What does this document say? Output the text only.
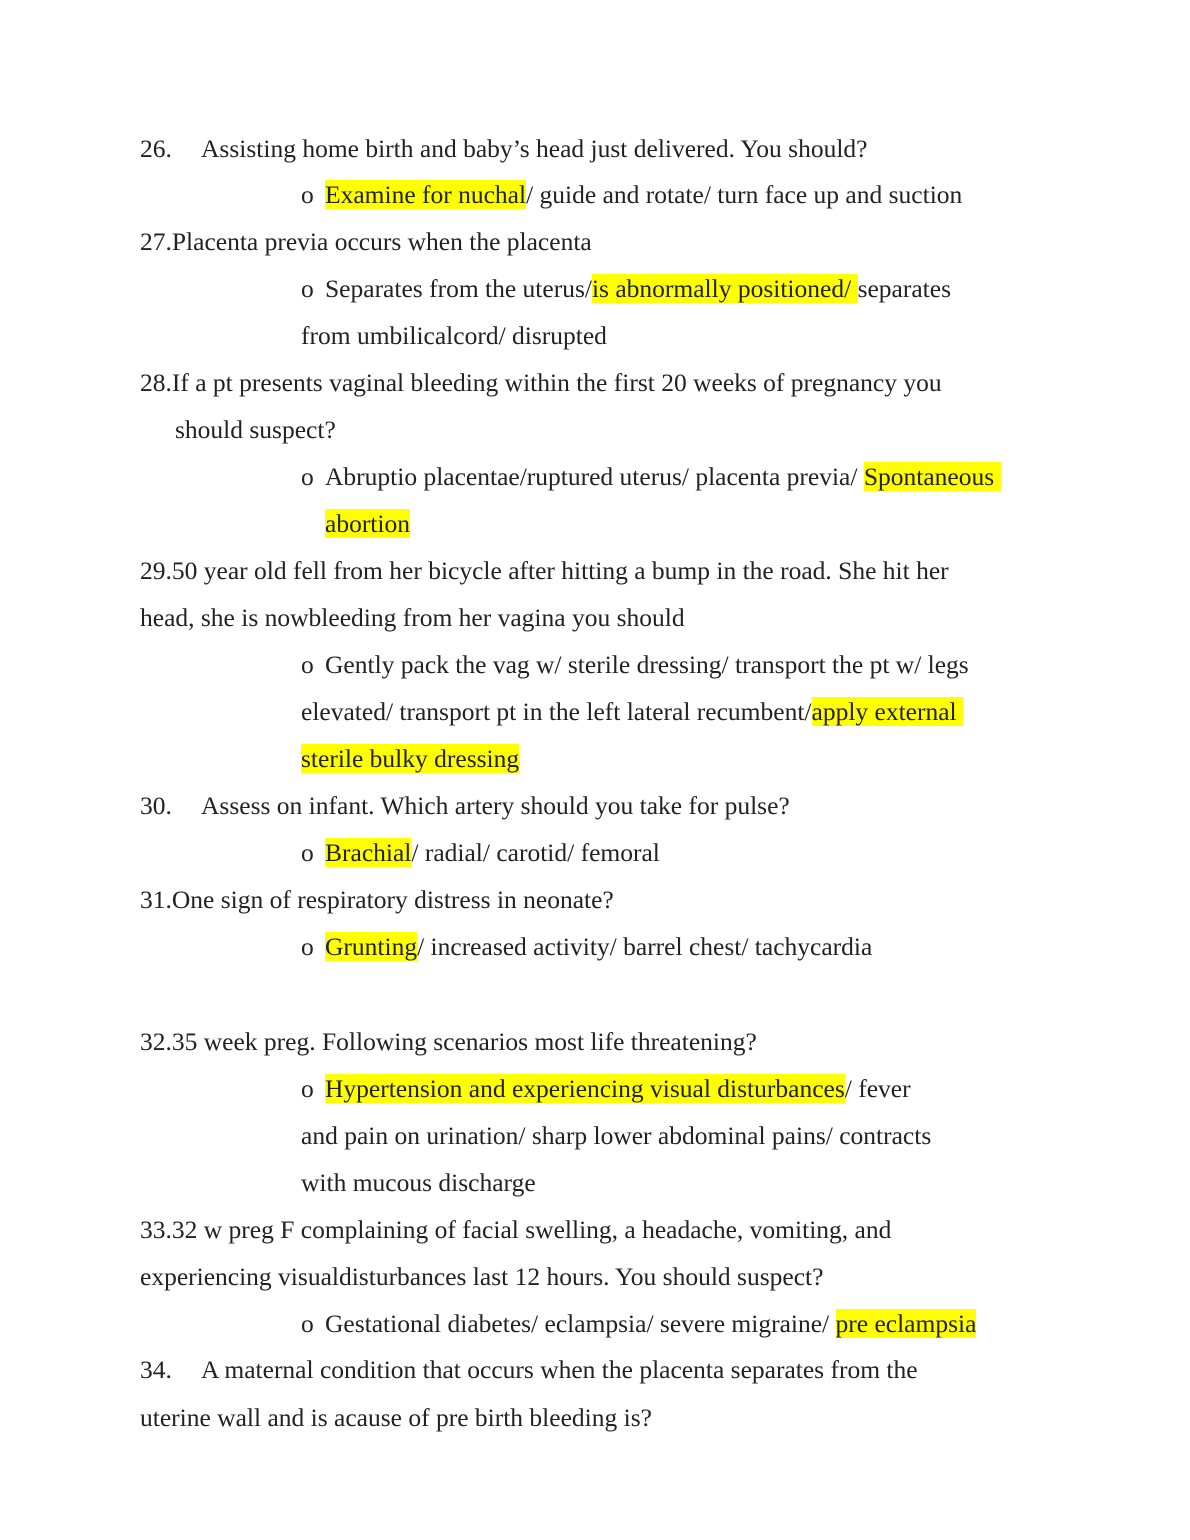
26. Assisting home birth and baby’s head just delivered. You should?
o Examine for nuchal/ guide and rotate/ turn face up and suction
27.Placenta previa occurs when the placenta
o Separates from the uterus/is abnormally positioned/ separates
from umbilicalcord/ disrupted
28.If a pt presents vaginal bleeding within the first 20 weeks of pregnancy you
should suspect?
o Abruptio placentae/ruptured uterus/ placenta previa/ Spontaneous
abortion
29.50 year old fell from her bicycle after hitting a bump in the road. She hit her
head, she is nowbleeding from her vagina you should
o Gently pack the vag w/ sterile dressing/ transport the pt w/ legs
elevated/ transport pt in the left lateral recumbent/apply external
sterile bulky dressing
30. Assess on infant. Which artery should you take for pulse?
o Brachial/ radial/ carotid/ femoral
31.One sign of respiratory distress in neonate?
o Grunting/ increased activity/ barrel chest/ tachycardia
32.35 week preg. Following scenarios most life threatening?
o Hypertension and experiencing visual disturbances/ fever
and pain on urination/ sharp lower abdominal pains/ contracts
with mucous discharge
33.32 w preg F complaining of facial swelling, a headache, vomiting, and
experiencing visualdisturbances last 12 hours. You should suspect?
o Gestational diabetes/ eclampsia/ severe migraine/ pre eclampsia
34. A maternal condition that occurs when the placenta separates from the
uterine wall and is acause of pre birth bleeding is?
